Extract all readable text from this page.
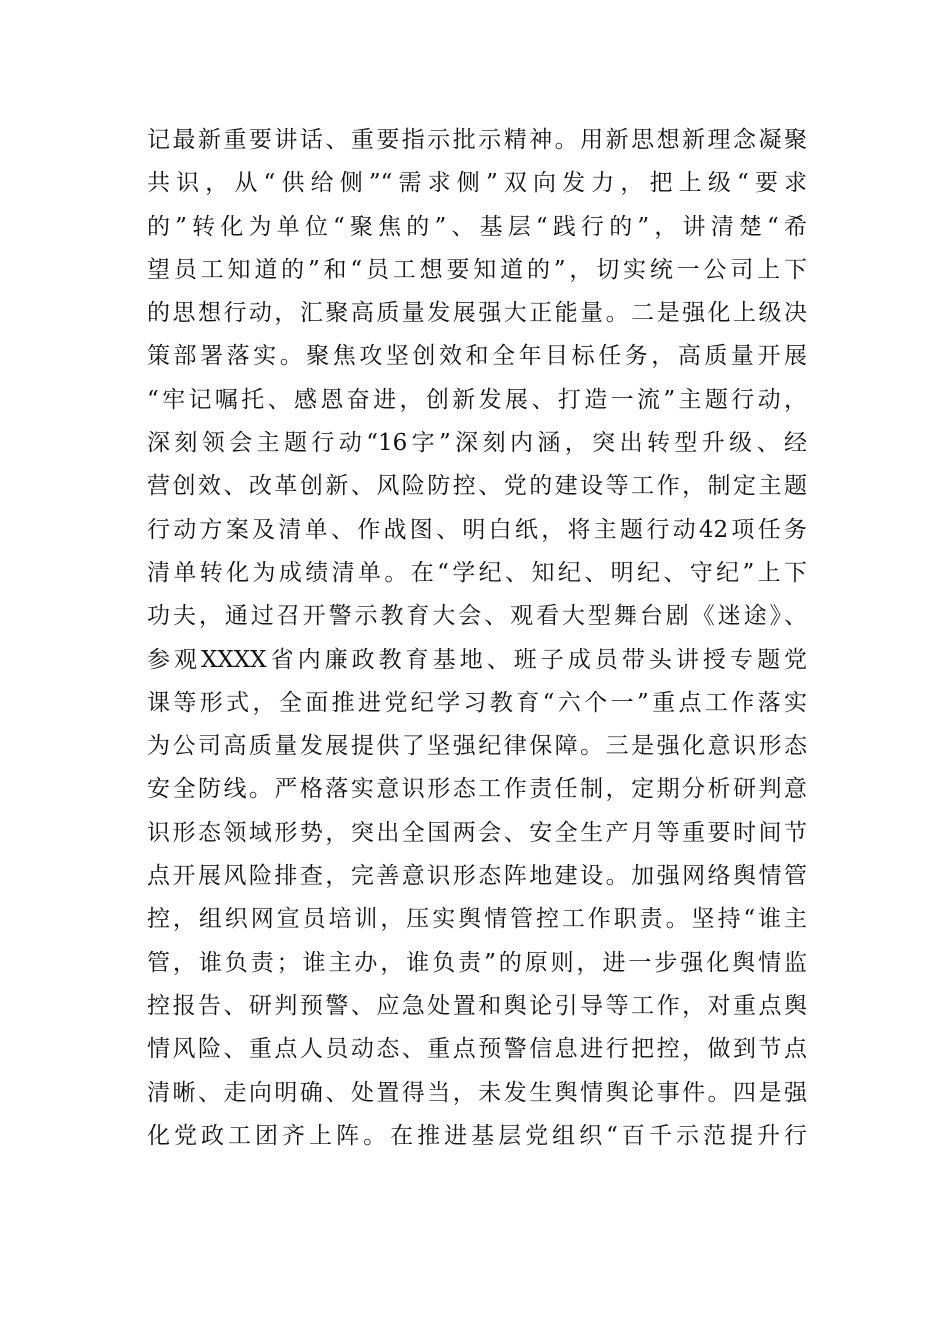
记最新重要讲话、重要指示批示精神。用新思想新理念凝聚
共识，从“供给侧”“需求侧”双向发力，把上级“要求
的”转化为单位“聚焦的”、基层“践行的”，讲清楚“希
望员工知道的”和“员工想要知道的”，切实统一公司上下
的思想行动，汇聚高质量发展强大正能量。二是强化上级决
策部署落实。聚焦攻坚创效和全年目标任务，高质量开展
“牢记嘱托、感恩奋进，创新发展、打造一流”主题行动，
深刻领会主题行动“16字”深刻内涵，突出转型升级、经
营创效、改革创新、风险防控、党的建设等工作，制定主题
行动方案及清单、作战图、明白纸，将主题行动42项任务
清单转化为成绩清单。在“学纪、知纪、明纪、守纪”上下
功夫，通过召开警示教育大会、观看大型舞台剧《迷途》、
参观XXXX省内廉政教育基地、班子成员带头讲授专题党
课等形式，全面推进党纪学习教育“六个一”重点工作落实
为公司高质量发展提供了坚强纪律保障。三是强化意识形态
安全防线。严格落实意识形态工作责任制，定期分析研判意
识形态领域形势，突出全国两会、安全生产月等重要时间节
点开展风险排查，完善意识形态阵地建设。加强网络舆情管
控，组织网宣员培训，压实舆情管控工作职责。坚持“谁主
管，谁负责；谁主办，谁负责”的原则，进一步强化舆情监
控报告、研判预警、应急处置和舆论引导等工作，对重点舆
情风险、重点人员动态、重点预警信息进行把控，做到节点
清晰、走向明确、处置得当，未发生舆情舆论事件。四是强
化党政工团齐上阵。在推进基层党组织“百千示范提升行
